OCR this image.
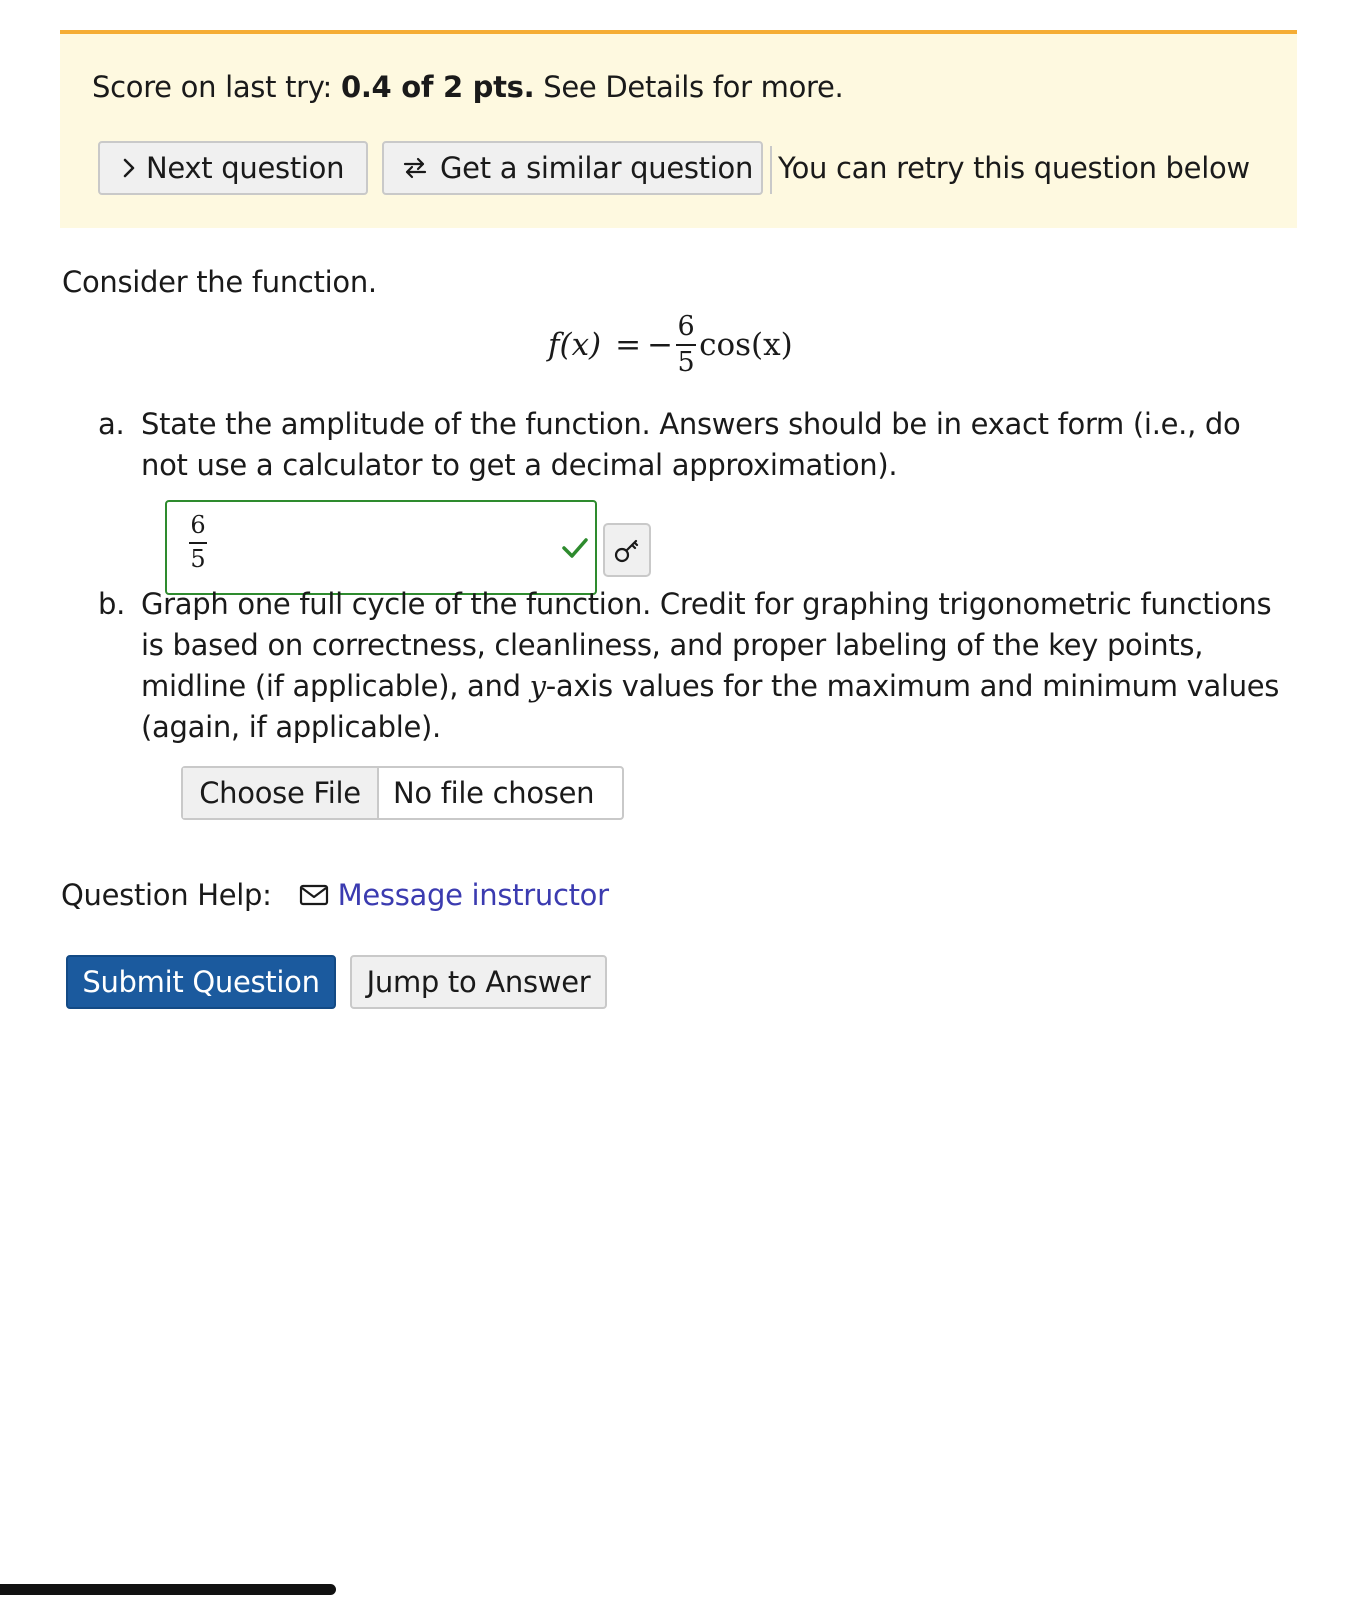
Score on last try: 0.4 of 2 pts. See Details for more.
Next question	Get a similar question You can retry this question below
Consider the function.
f(x) = − $\frac{6}{5} \cos(x)$
a. State the amplitude of the function. Answers should be in exact form (i.e., do not use a calculator to get a decimal approximation).
6
5
b. Graph one full cycle of the function. Credit for graphing trigonometric functions is based on correctness, cleanliness, and proper labeling of the key points, midline (if applicable), and y-axis values for the maximum and minimum values (again, if applicable).
Choose File	No file chosen
Question Help: Message instructor
Submit Question	Jump to Answer
